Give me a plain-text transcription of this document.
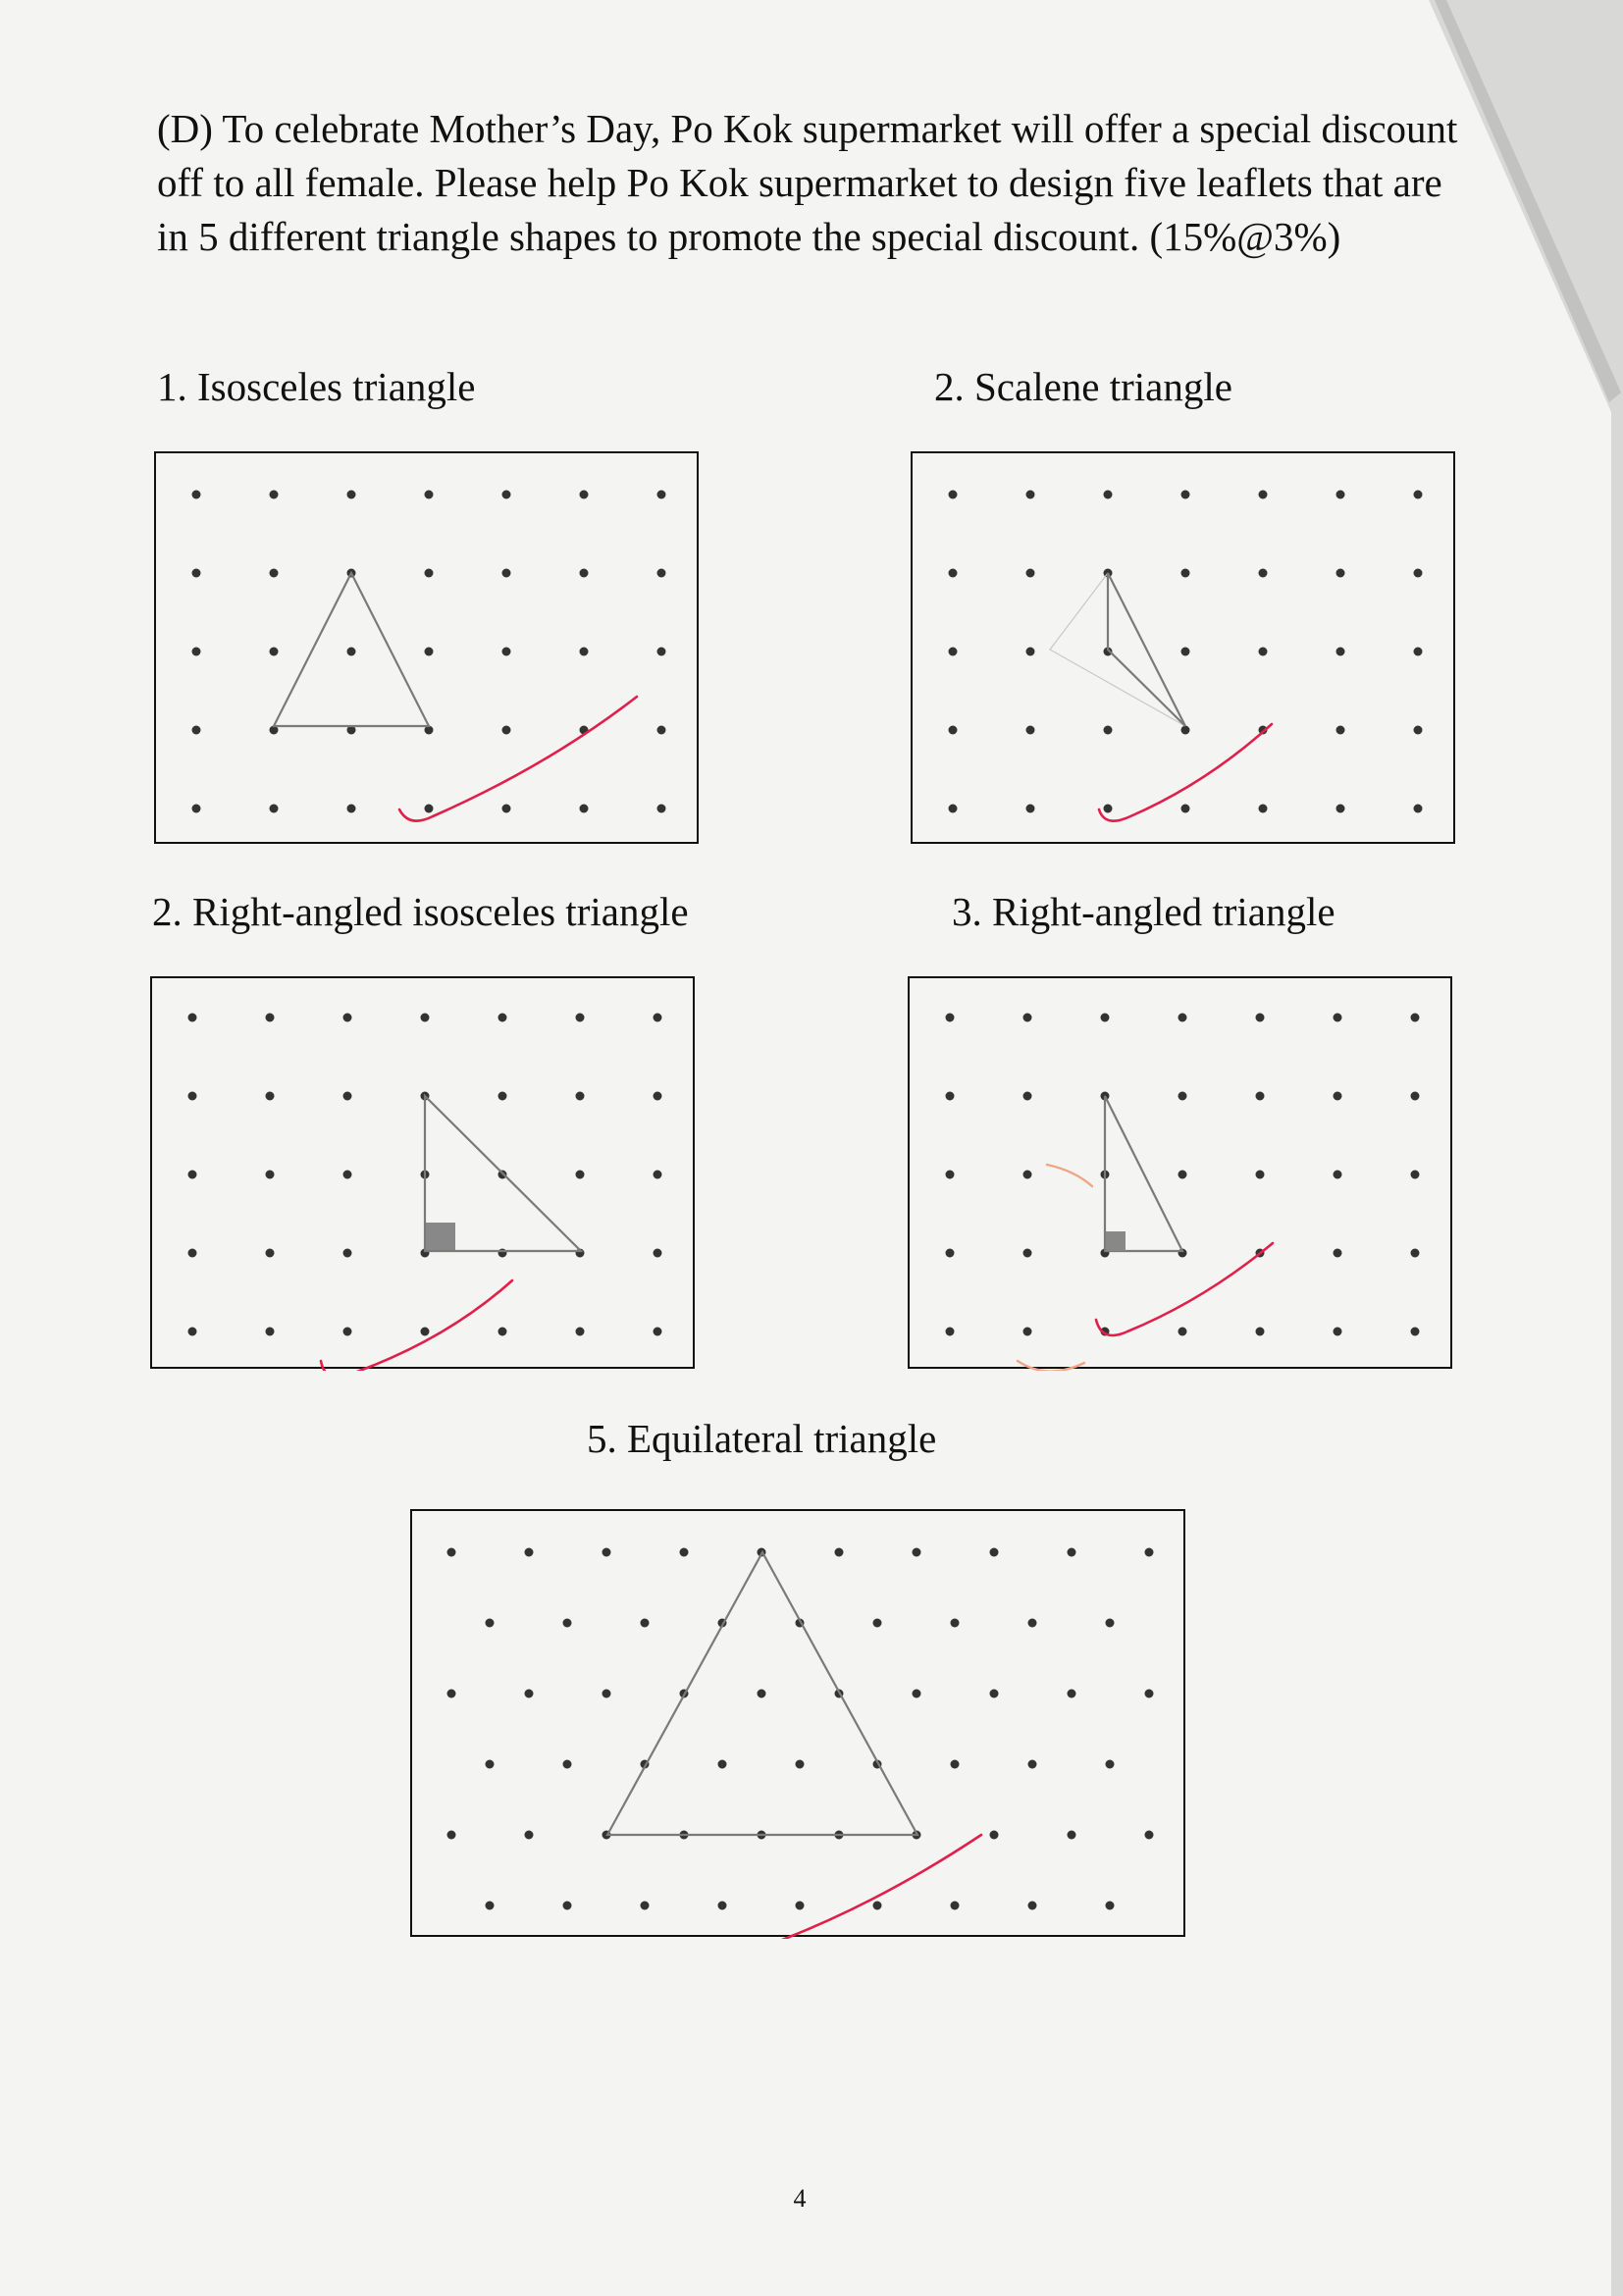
(D) To celebrate Mother’s Day, Po Kok supermarket will offer a special discount off to all female. Please help Po Kok supermarket to design five leaflets that are in 5 different triangle shapes to promote the special discount. (15%@3%)

1. Isosceles triangle	2. Scalene triangle
2. Right-angled isosceles triangle	3. Right-angled triangle
5. Equilateral triangle
4
